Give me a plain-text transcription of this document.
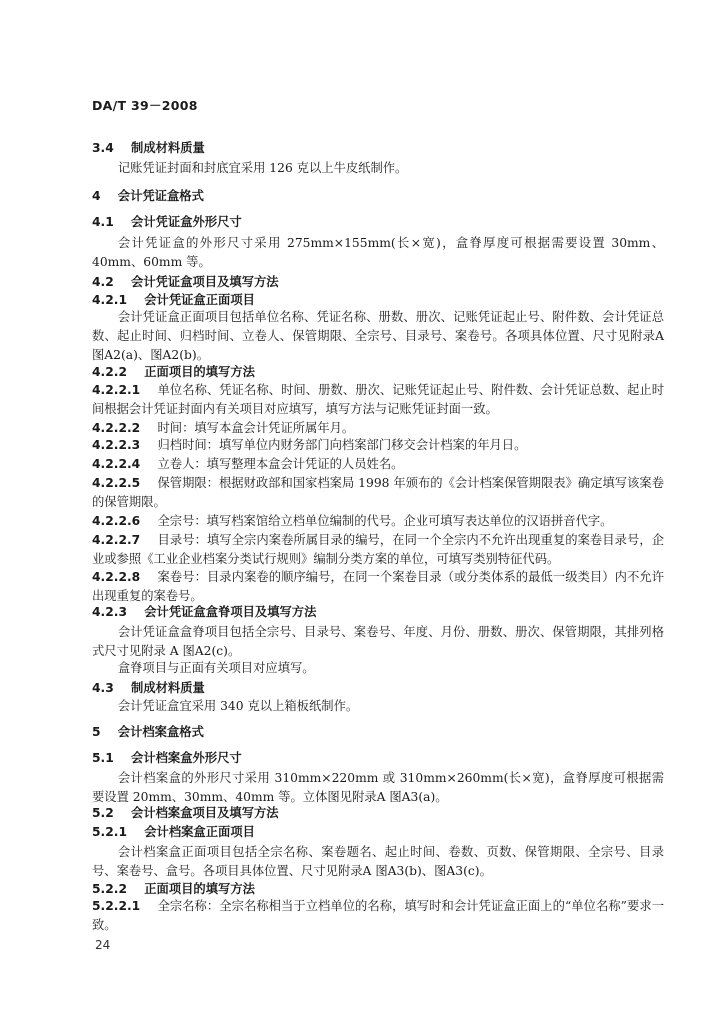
DA/T 39－2008
3.4 制成材料质量
记账凭证封面和封底宜采用 126 克以上牛皮纸制作。
4 会计凭证盒格式
4.1 会计凭证盒外形尺寸
会计凭证盒的外形尺寸采用 275mm×155mm(长×宽)，盒脊厚度可根据需要设置 30mm、40mm、60mm 等。
4.2 会计凭证盒项目及填写方法
4.2.1 会计凭证盒正面项目
会计凭证盒正面项目包括单位名称、凭证名称、册数、册次、记账凭证起止号、附件数、会计凭证总数、起止时间、归档时间、立卷人、保管期限、全宗号、目录号、案卷号。各项具体位置、尺寸见附录A 图A2(a)、图A2(b)。
4.2.2 正面项目的填写方法
4.2.2.1 单位名称、凭证名称、时间、册数、册次、记账凭证起止号、附件数、会计凭证总数、起止时间根据会计凭证封面内有关项目对应填写，填写方法与记账凭证封面一致。
4.2.2.2 时间：填写本盒会计凭证所属年月。
4.2.2.3 归档时间：填写单位内财务部门向档案部门移交会计档案的年月日。
4.2.2.4 立卷人：填写整理本盒会计凭证的人员姓名。
4.2.2.5 保管期限：根据财政部和国家档案局 1998 年颁布的《会计档案保管期限表》确定填写该案卷的保管期限。
4.2.2.6 全宗号：填写档案馆给立档单位编制的代号。企业可填写表达单位的汉语拼音代字。
4.2.2.7 目录号：填写全宗内案卷所属目录的编号，在同一个全宗内不允许出现重复的案卷目录号，企业或参照《工业企业档案分类试行规则》编制分类方案的单位，可填写类别特征代码。
4.2.2.8 案卷号：目录内案卷的顺序编号，在同一个案卷目录（或分类体系的最低一级类目）内不允许出现重复的案卷号。
4.2.3 会计凭证盒盒脊项目及填写方法
会计凭证盒盒脊项目包括全宗号、目录号、案卷号、年度、月份、册数、册次、保管期限，其排列格式尺寸见附录 A 图A2(c)。
盒脊项目与正面有关项目对应填写。
4.3 制成材料质量
会计凭证盒宜采用 340 克以上箱板纸制作。
5 会计档案盒格式
5.1 会计档案盒外形尺寸
会计档案盒的外形尺寸采用 310mm×220mm 或 310mm×260mm(长×宽)，盒脊厚度可根据需要设置 20mm、30mm、40mm 等。立体图见附录A 图A3(a)。
5.2 会计档案盒项目及填写方法
5.2.1 会计档案盒正面项目
会计档案盒正面项目包括全宗名称、案卷题名、起止时间、卷数、页数、保管期限、全宗号、目录号、案卷号、盒号。各项目具体位置、尺寸见附录A 图A3(b)、图A3(c)。
5.2.2 正面项目的填写方法
5.2.2.1 全宗名称：全宗名称相当于立档单位的名称，填写时和会计凭证盒正面上的“单位名称”要求一致。
24
